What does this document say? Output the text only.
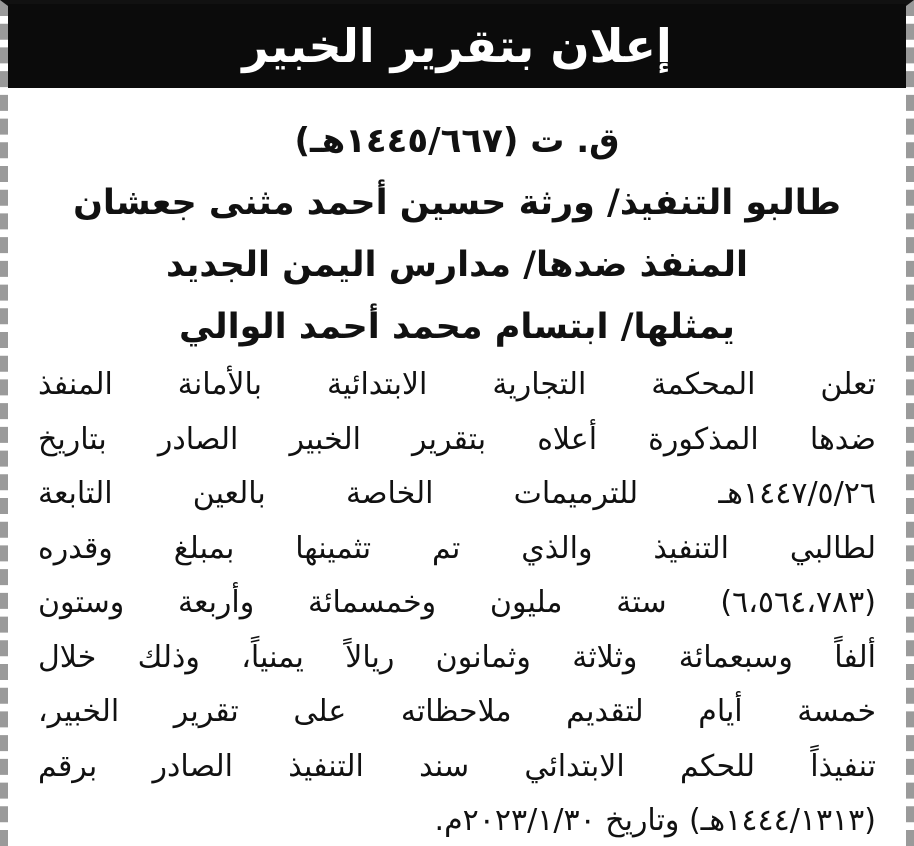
إعلان بتقرير الخبير
ق. ت (١٤٤٥/٦٦٧هـ)
طالبو التنفيذ/ ورثة حسين أحمد مثنى جعشان
المنفذ ضدها/ مدارس اليمن الجديد
يمثلها/ ابتسام محمد أحمد الوالي
تعلن المحكمة التجارية الابتدائية بالأمانة المنفذ
ضدها المذكورة أعلاه بتقرير الخبير الصادر بتاريخ
١٤٤٧/٥/٢٦هـ للترميمات الخاصة بالعين التابعة
لطالبي التنفيذ والذي تم تثمينها بمبلغ وقدره
(٦،٥٦٤،٧٨٣) ستة مليون وخمسمائة وأربعة وستون
ألفاً وسبعمائة وثلاثة وثمانون ريالاً يمنياً، وذلك خلال
خمسة أيام لتقديم ملاحظاته على تقرير الخبير،
تنفيذاً للحكم الابتدائي سند التنفيذ الصادر برقم
(١٤٤٤/١٣١٣هـ) وتاريخ ٢٠٢٣/١/٣٠م.
